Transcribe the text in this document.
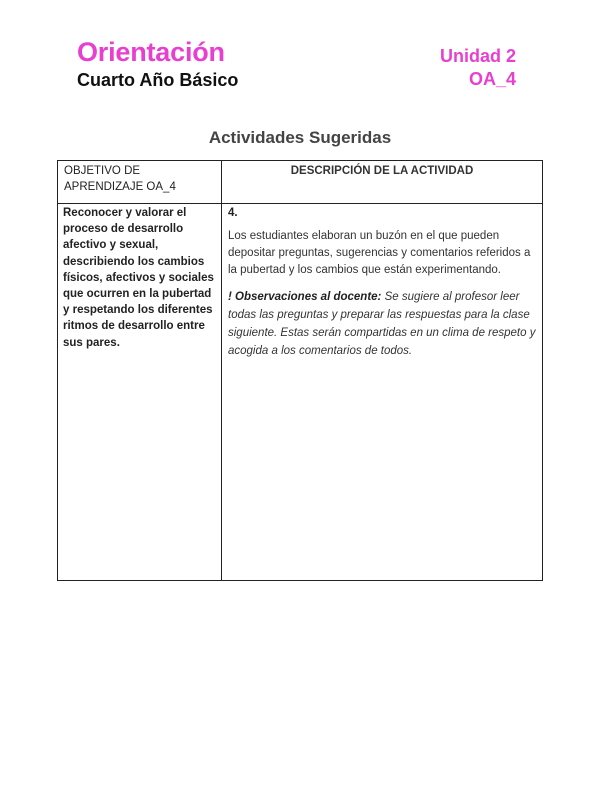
Orientación
Cuarto Año Básico
Unidad 2
OA_4
Actividades Sugeridas
OBJETIVO DE APRENDIZAJE OA_4
DESCRIPCIÓN DE LA ACTIVIDAD
Reconocer y valorar el proceso de desarrollo afectivo y sexual, describiendo los cambios físicos, afectivos y sociales que ocurren en la pubertad y respetando los diferentes ritmos de desarrollo entre sus pares.
4.
Los estudiantes elaboran un buzón en el que pueden depositar preguntas, sugerencias y comentarios referidos a la pubertad y los cambios que están experimentando.
! Observaciones al docente: Se sugiere al profesor leer todas las preguntas y preparar las respuestas para la clase siguiente. Estas serán compartidas en un clima de respeto y acogida a los comentarios de todos.
